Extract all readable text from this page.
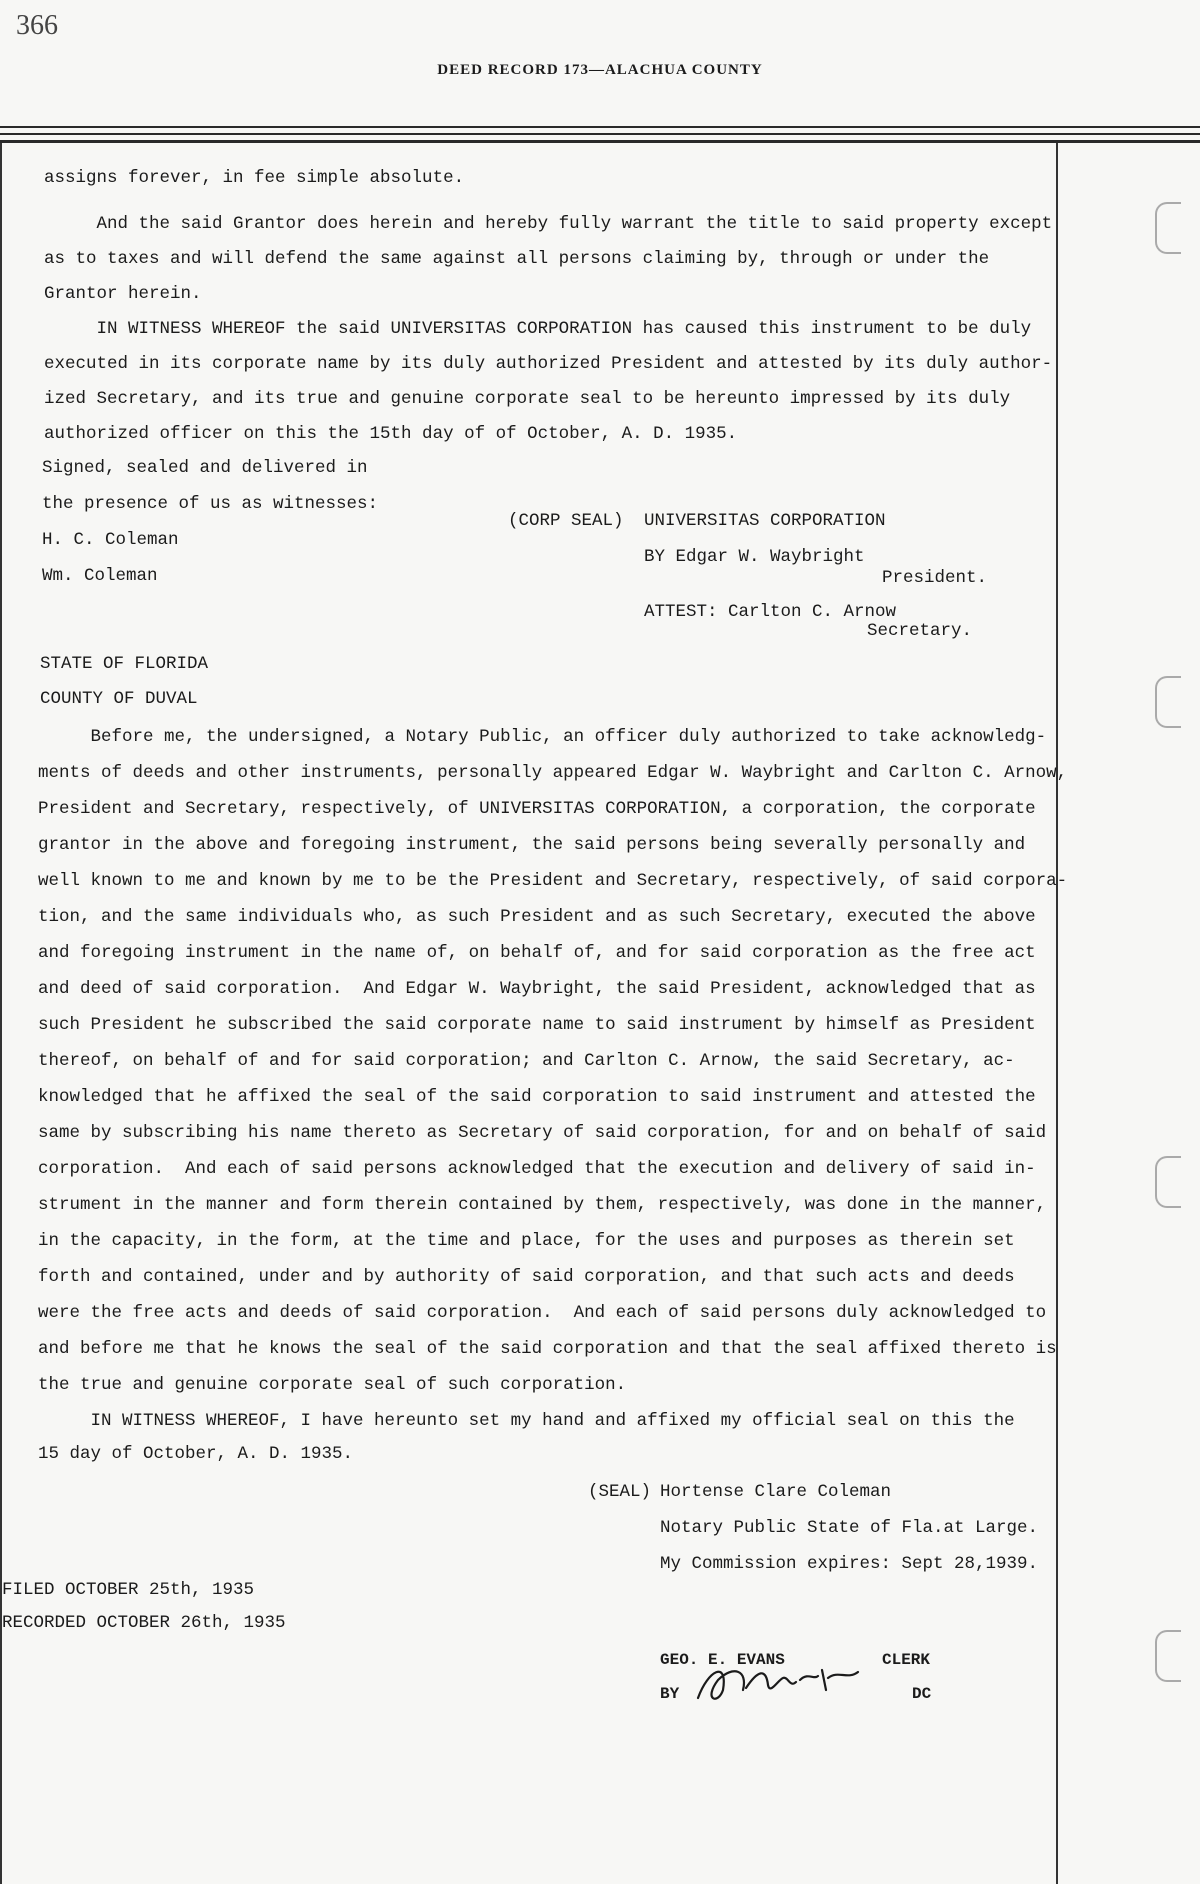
366
DEED RECORD 173—ALACHUA COUNTY
assigns forever, in fee simple absolute.
And the said Grantor does herein and hereby fully warrant the title to said property except
as to taxes and will defend the same against all persons claiming by, through or under the
Grantor herein.
IN WITNESS WHEREOF the said UNIVERSITAS CORPORATION has caused this instrument to be duly
executed in its corporate name by its duly authorized President and attested by its duly author-
ized Secretary, and its true and genuine corporate seal to be hereunto impressed by its duly
authorized officer on this the 15th day of of October, A. D. 1935.
Signed, sealed and delivered in
the presence of us as witnesses:
H. C. Coleman
Wm. Coleman
(CORP SEAL) UNIVERSITAS CORPORATION
BY Edgar W. Waybright
President.
ATTEST: Carlton C. Arnow
Secretary.
STATE OF FLORIDA
COUNTY OF DUVAL
Before me, the undersigned, a Notary Public, an officer duly authorized to take acknowledg-
ments of deeds and other instruments, personally appeared Edgar W. Waybright and Carlton C. Arnow,
President and Secretary, respectively, of UNIVERSITAS CORPORATION, a corporation, the corporate
grantor in the above and foregoing instrument, the said persons being severally personally and
well known to me and known by me to be the President and Secretary, respectively, of said corpora-
tion, and the same individuals who, as such President and as such Secretary, executed the above
and foregoing instrument in the name of, on behalf of, and for said corporation as the free act
and deed of said corporation.  And Edgar W. Waybright, the said President, acknowledged that as
such President he subscribed the said corporate name to said instrument by himself as President
thereof, on behalf of and for said corporation; and Carlton C. Arnow, the said Secretary, ac-
knowledged that he affixed the seal of the said corporation to said instrument and attested the
same by subscribing his name thereto as Secretary of said corporation, for and on behalf of said
corporation.  And each of said persons acknowledged that the execution and delivery of said in-
strument in the manner and form therein contained by them, respectively, was done in the manner,
in the capacity, in the form, at the time and place, for the uses and purposes as therein set
forth and contained, under and by authority of said corporation, and that such acts and deeds
were the free acts and deeds of said corporation.  And each of said persons duly acknowledged to
and before me that he knows the seal of the said corporation and that the seal affixed thereto is
the true and genuine corporate seal of such corporation.
IN WITNESS WHEREOF, I have hereunto set my hand and affixed my official seal on this the
15 day of October, A. D. 1935.
(SEAL) Hortense Clare Coleman
Notary Public State of Fla.at Large.
My Commission expires: Sept 28,1939.
FILED OCTOBER 25th, 1935
RECORDED OCTOBER 26th, 1935
GEO. E. EVANS	CLERK
BY	DC
